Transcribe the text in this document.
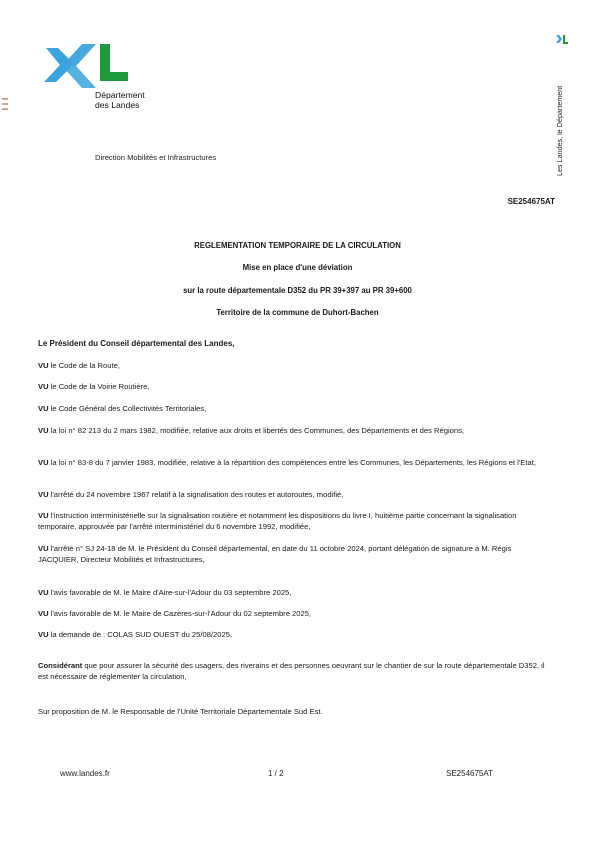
Département
des Landes
Direction Mobilités et Infrastructures	Les Landes, le Département
SE254675AT
REGLEMENTATION TEMPORAIRE DE LA CIRCULATION
Mise en place d'une déviation
sur la route départementale D352 du PR 39+397 au PR 39+600
Territoire de la commune de Duhort-Bachen
Le Président du Conseil départemental des Landes,
VU le Code de la Route,
VU le Code de la Voirie Routière,
VU le Code Général des Collectivités Territoriales,
VU la loi n° 82 213 du 2 mars 1982, modifiée, relative aux droits et libertés des Communes, des Départements et des Régions,
VU la loi n° 83-8 du 7 janvier 1983, modifiée, relative à la répartition des compétences entre les Communes, les Départements, les Régions et l'Etat,
VU l'arrêté du 24 novembre 1967 relatif à la signalisation des routes et autoroutes, modifié,
VU l'instruction interministérielle sur la signalisation routière et notamment les dispositions du livre I, huitième partie concernant la signalisation temporaire, approuvée par l'arrêté interministériel du 6 novembre 1992, modifiée,
VU l'arrêté n° SJ 24-18 de M. le Président du Conseil départemental, en date du 11 octobre 2024, portant délégation de signature à M. Régis JACQUIER, Directeur Mobilités et Infrastructures,
VU l'avis favorable de M. le Maire d'Aire-sur-l'Adour du 03 septembre 2025,
VU l'avis favorable de M. le Maire de Cazères-sur-l'Adour du 02 septembre 2025,
VU la demande de : COLAS SUD OUEST du 25/08/2025,
Considérant que pour assurer la sécurité des usagers, des riverains et des personnes oeuvrant sur le chantier de sur la route départementale D352, il est nécessaire de réglementer la circulation,
Sur proposition de M. le Responsable de l'Unité Territoriale Départementale Sud Est.
www.landes.fr	1 / 2	SE254675AT
